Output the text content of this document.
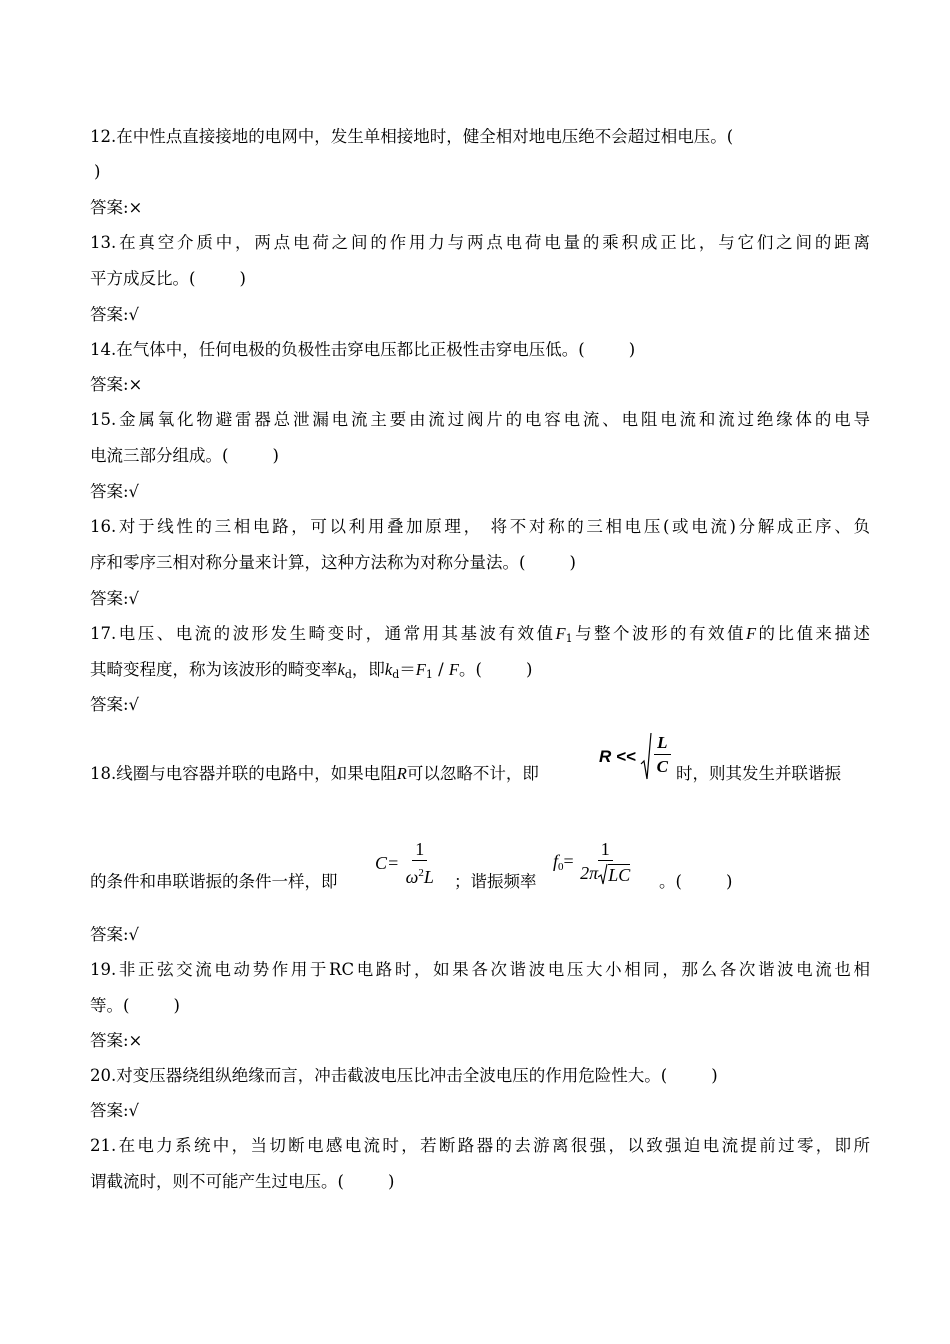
12.在中性点直接接地的电网中，发生单相接地时，健全相对地电压绝不会超过相电压。(
)
答案:×
13.在真空介质中，两点电荷之间的作用力与两点电荷电量的乘积成正比，与它们之间的距离
平方成反比。(	)
答案:√
14.在气体中，任何电极的负极性击穿电压都比正极性击穿电压低。(	)
答案:×
15.金属氧化物避雷器总泄漏电流主要由流过阀片的电容电流、电阻电流和流过绝缘体的电导
电流三部分组成。(	)
答案:√
16.对于线性的三相电路，可以利用叠加原理， 将不对称的三相电压(或电流)分解成正序、负
序和零序三相对称分量来计算，这种方法称为对称分量法。(	)
答案:√
17.电压、电流的波形发生畸变时，通常用其基波有效值$F_1$与整个波形的有效值F的比值来描述
其畸变程度，称为该波形的畸变率$k_d$，即$k_d=F_1 / F$。(	)
答案:√
18.线圈与电容器并联的电路中，如果电阻R可以忽略不计，即
$R << \frac{L}{C}$ 时，则其发生并联谐振
的条件和串联谐振的条件一样，即
$C= \frac{1}{\omega^2L}$ ；谐振频率
$f_0= \frac{1}{\text{2π LC}}$ 。(	)
答案:√
19.非正弦交流电动势作用于RC电路时，如果各次谐波电压大小相同，那么各次谐波电流也相
等。(	)
答案:×
20.对变压器绕组纵绝缘而言，冲击截波电压比冲击全波电压的作用危险性大。(	)
答案:√
21.在电力系统中，当切断电感电流时，若断路器的去游离很强，以致强迫电流提前过零，即所
谓截流时，则不可能产生过电压。(	)
